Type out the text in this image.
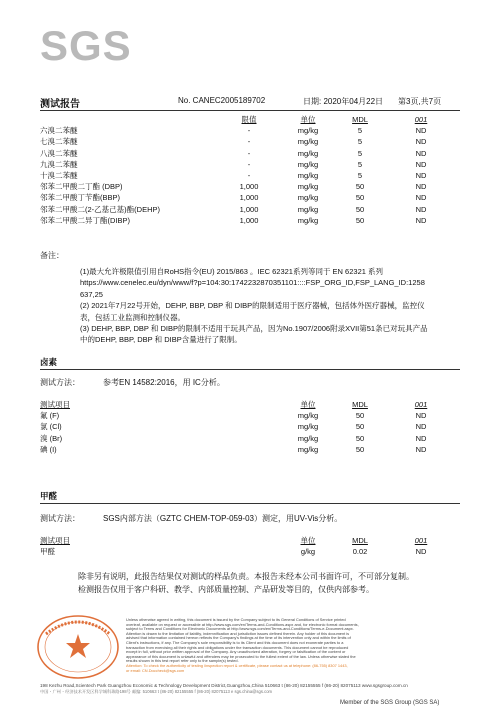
SGS
测试报告	No. CANEC2005189702	日期: 2020年04月22日 第3页,共7页
	限值	单位	MDL	001
六溴二苯醚	-	mg/kg	5	ND
七溴二苯醚	-	mg/kg	5	ND
八溴二苯醚	-	mg/kg	5	ND
九溴二苯醚	-	mg/kg	5	ND
十溴二苯醚	-	mg/kg	5	ND
邻苯二甲酸二丁酯 (DBP)	1,000	mg/kg	50	ND
邻苯二甲酸丁苄酯(BBP)	1,000	mg/kg	50	ND
邻苯二甲酸二(2-乙基己基)酯(DEHP)	1,000	mg/kg	50	ND
邻苯二甲酸二异丁酯(DIBP)	1,000	mg/kg	50	ND
备注：

(1)最大允许极限值引用自RoHS指令(EU) 2015/863 。IEC 62321系列等同于 EN 62321 系列

https://www.cenelec.eu/dyn/www/f?p=104:30:1742232870351101::::FSP_ORG_ID,FSP_LANG_ID:1258

637,25

(2) 2021年7月22号开始，DEHP, BBP, DBP 和 DIBP的限制适用于医疗器械，包括体外医疗器械，监控仪

表，包括工业监测和控制仪器。

(3) DEHP, BBP, DBP 和 DIBP的限制不适用于玩具产品，因为No.1907/2006附录XVII第51条已对玩具产品

中的DEHP, BBP, DBP 和 DIBP含量进行了限制。

卤素
测试方法：	参考EN 14582:2016，用 IC分析。
测试项目	单位	MDL	001
氟 (F)	mg/kg	50	ND
氯 (Cl)	mg/kg	50	ND
溴 (Br)	mg/kg	50	ND
碘 (I)	mg/kg	50	ND
甲醛
测试方法：	SGS内部方法（GZTC CHEM-TOP-059-03）测定，用UV-Vis分析。
测试项目	单位	MDL	001
甲醛	g/kg	0.02	ND
除非另有说明，此报告结果仅对测试的样品负责。本报告未经本公司书面许可，不可部分复制。
检测报告仅用于客户科研、教学、内部质量控制、产品研发等目的，仅供内部参考。

Unless otherwise agreed in writing, this document is issued by the Company subject to its General Conditions of Service printed

overleaf, available on request or accessible at http://www.sgs.com/en/Terms-and-Conditions.aspx and, for electronic format documents,

subject to Terms and Conditions for Electronic Documents at http://www.sgs.com/en/Terms-and-Conditions/Terms-e-Document.aspx.

Attention is drawn to the limitation of liability, indemnification and jurisdiction issues defined therein. Any holder of this document is

advised that information contained hereon reflects the Company's findings at the time of its intervention only and within the limits of

Client's instructions, if any. The Company's sole responsibility is to its Client and this document does not exonerate parties to a

transaction from exercising all their rights and obligations under the transaction documents. This document cannot be reproduced

except in full, without prior written approval of the Company. Any unauthorized alteration, forgery or falsification of the content or

appearance of this document is unlawful and offenders may be prosecuted to the fullest extent of the law. Unless otherwise stated the

results shown in this test report refer only to the sample(s) tested.

Attention: To check the authenticity of testing /inspection report & certificate, please contact us at telephone: (86-755) 8307 1443,

or email: CN.Doccheck@sgs.com

198 Kezhu Road,Scientech Park Guangzhou Economic & Technology Development District,Guangzhou,China 510663 t (86-20) 82155555 f (86-20) 82075113 www.sgsgroup.com.cn
中国・广州・经济技术开发区科学城科珠路198号 邮编: 510663 t (86-20) 82155555 f (86-20) 82075113 e sgs.china@sgs.com
Member of the SGS Group (SGS SA)
